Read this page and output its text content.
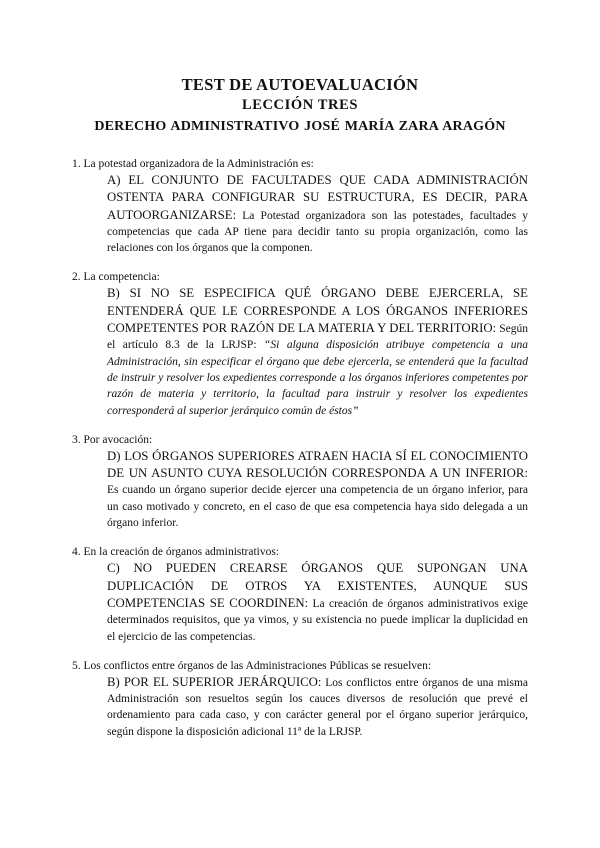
TEST DE AUTOEVALUACIÓN
LECCIÓN TRES
DERECHO ADMINISTRATIVO JOSÉ MARÍA ZARA ARAGÓN
1. La potestad organizadora de la Administración es:
A) EL CONJUNTO DE FACULTADES QUE CADA ADMINISTRACIÓN OSTENTA PARA CONFIGURAR SU ESTRUCTURA, ES DECIR, PARA AUTOORGANIZARSE: La Potestad organizadora son las potestades, facultades y competencias que cada AP tiene para decidir tanto su propia organización, como las relaciones con los órganos que la componen.
2. La competencia:
B) SI NO SE ESPECIFICA QUÉ ÓRGANO DEBE EJERCERLA, SE ENTENDERÁ QUE LE CORRESPONDE A LOS ÓRGANOS INFERIORES COMPETENTES POR RAZÓN DE LA MATERIA Y DEL TERRITORIO: Según el artículo 8.3 de la LRJSP: “Si alguna disposición atribuye competencia a una Administración, sin especificar el órgano que debe ejercerla, se entenderá que la facultad de instruir y resolver los expedientes corresponde a los órganos inferiores competentes por razón de materia y territorio, la facultad para instruir y resolver los expedientes corresponderá al superior jerárquico común de éstos”
3. Por avocación:
D) LOS ÓRGANOS SUPERIORES ATRAEN HACIA SÍ EL CONOCIMIENTO DE UN ASUNTO CUYA RESOLUCIÓN CORRESPONDA A UN INFERIOR: Es cuando un órgano superior decide ejercer una competencia de un órgano inferior, para un caso motivado y concreto, en el caso de que esa competencia haya sido delegada a un órgano inferior.
4. En la creación de órganos administrativos:
C) NO PUEDEN CREARSE ÓRGANOS QUE SUPONGAN UNA DUPLICACIÓN DE OTROS YA EXISTENTES, AUNQUE SUS COMPETENCIAS SE COORDINEN: La creación de órganos administrativos exige determinados requisitos, que ya vimos, y su existencia no puede implicar la duplicidad en el ejercicio de las competencias.
5. Los conflictos entre órganos de las Administraciones Públicas se resuelven:
B) POR EL SUPERIOR JERÁRQUICO: Los conflictos entre órganos de una misma Administración son resueltos según los cauces diversos de resolución que prevé el ordenamiento para cada caso, y con carácter general por el órgano superior jerárquico, según dispone la disposición adicional 11ª de la LRJSP.
